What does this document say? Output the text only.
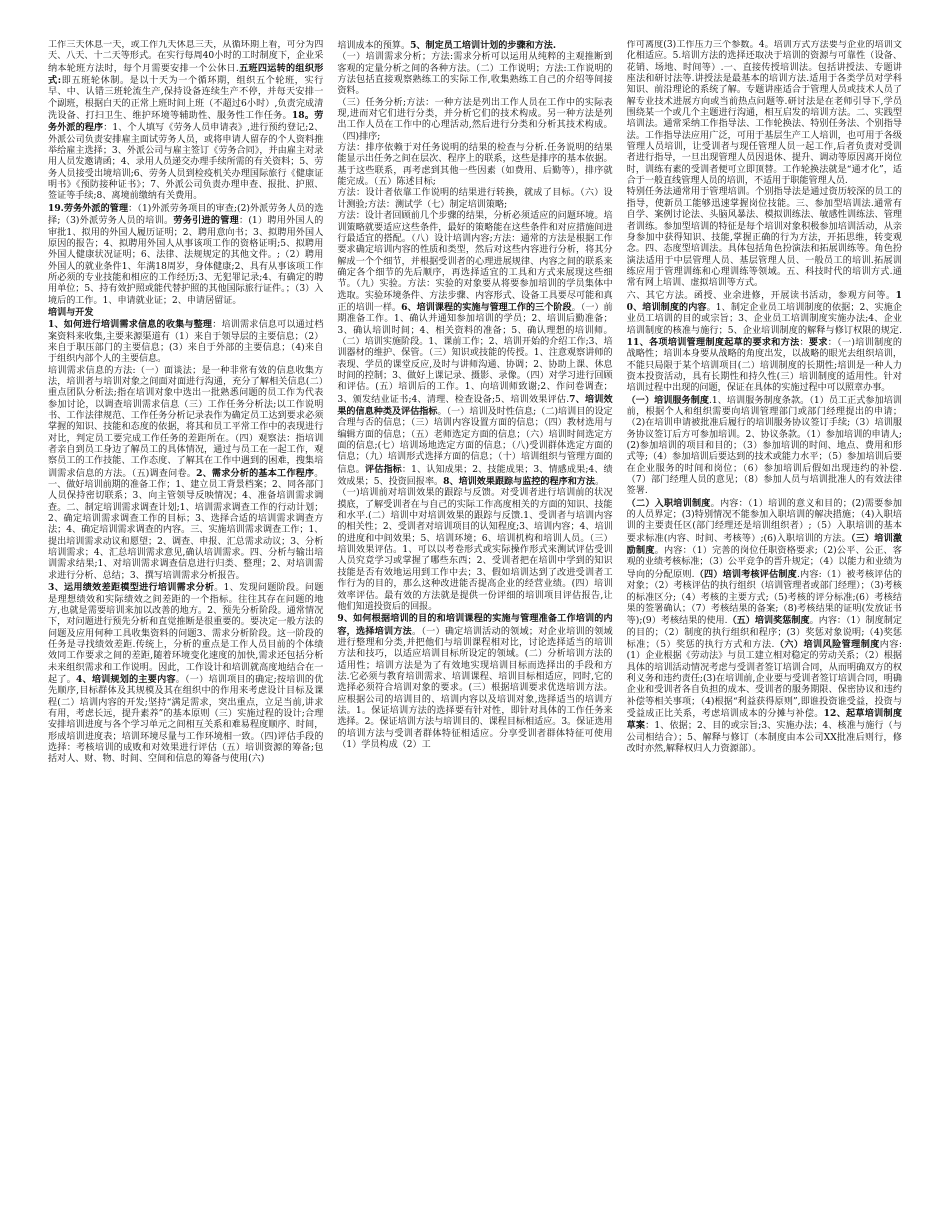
工作三天休息一天，或工作九天休息三天，从循环期上看，可分为四天、八天、十二天等形式。在实行每周40小时的工时制度下，企业采纳本轮班方法时，每个月需要安排一个公休日.五班四运转的组织形式:即五班轮休制。是以十天为一个循环期，组织五个轮班，实行早、中、认错三班轮流生产,保持设备连续生产不停，并每天安排一个副班，根据白天的正常上班时间上班（不超过6小时）,负责完成清洗设备、打扫卫生、维护环境等辅助性、服务性工作任务。18。劳务外派的程序：1、个人填写《劳务人员申请表》,进行预约登记;2、外派公司负责安排雇主面试劳务人员，或将申请人留存的个人资料推举给雇主选择；3、外派公司与雇主签订《劳务合同》，并由雇主对录用人员发邀请函；4、录用人员递交办理手续所需的有关资料；5、劳务人员接受出境培训;6、劳务人员到检疫机关办理国际旅行《健康证明书》《预防接种证书》；7、外派公司负责办理申查、报批、护照、签证等手续;8、离境前缴纳有关费用。

19.劳务外派的管理：（1)外派劳务项目的审查;(2)外派劳务人员的选择;（3)外派劳务人员的培训。劳务引进的管理：(1）聘用外国人的审批1、拟用的外国人履历证明；2、聘用意向书；3、拟聘用外国人原因的报告；4、拟聘用外国人从事该项工作的资格证明;5、拟聘用外国人健康状况证明；6、法律、法规规定的其他文件。;（2）聘用外国人的就业条件1、年满18周岁，身体健康;2、具有从事该项工作所必须的专业技能和相应的工作经历;3、无犯罪记录;4、有确定的聘用单位；5、持有效护照或能代替护照的其他国际旅行证件。；（3）入境后的工作。1、申请就业证；2、申请居留证。

培训与开发

1、如何进行培训需求信息的收集与整理：培训需求信息可以通过档案资料来收集,主要来源渠道有（1）来自于领导层的主要信息；（2）来自于职压部门的主要信息；(3）来自于外部的主要信息；（4)来自于组织内部个人的主要信息。

培训需求信息的方法:（一）面谈法；是一种非常有效的信息收集方法，培训者与培训对象之间面对面进行沟通，充分了解相关信息(二）重点团队分析法;指在培训对象中选出一批熟悉问题的员工作为代表参加讨论，以调查培训需求信息（三）工作任务分析法;以工作说明书、工作法律规范、工作任务分析记录表作为确定员工达到要求必须掌握的知识、技能和态度的依据，将其和员工平常工作中的表现进行对比，判定员工要完成工作任务的差距所在。（四）观察法：指培训者亲自到员工身边了解员工的具体情况，通过与员工在一起工作，观察员工的工作技能、工作态度、了解其在工作中遇到的困难，搜集培训需求信息的方法。（五)调查问卷。2、需求分析的基本工作程序。一、做好培训前期的准备工作；1、建立员工背景档案；2、同各部门人员保持密切联系；3、向主管领导反映情况；4、准备培训需求调查。二、制定培训需求调查计划;1、培训需求调查工作的行动计划；2、确定培训需求调查工作的目标；3、选择合适的培训需求调查方法；4、确定培训需求调查的内容。三、实施培训需求调查工作；1、提出培训需求动议和愿望；2、调查、申报、汇总需求动议；3、分析培训需求；4、汇总培训需求意见,确认培训需求。四、分析与输出培训需求结果;1、对培训需求调查信息进行归类、整理；2、对培训需求进行分析、总结；3、撰写培训需求分析报告。

3、运用绩效差距模型进行培训需求分析。1、发现问题阶段。问题是理想绩效和实际绩效之间差距的一个指标。往往其存在问题的地方,也就是需要培训来加以改善的地方。2、预先分析阶段。通常情况下，对问题进行预先分析和直觉推断是很重要的。要决定一般方法的问题及应用何种工具收集资料的问题3、需求分析阶段。这一阶段的任务是寻找绩效差距.传统上，分析的重点是工作人员目前的个体绩效同工作要求之间的差距,随着环境变化速度的加快,需求还包括分析未来组织需求和工作说明。因此，工作设计和培训就高度地结合在一起了。4、培训规划的主要内容。（一）培训项目的确定;按培训的优先顺序,目标群体及其规模及其在组织中的作用来考虑设计目标及课程(二）培训内容的开发;坚持“满足需求，突出重点，立足当前,讲求有用，考虑长远，提升素养”的基本原则（三）实施过程的设计;合理安排培训进度与各个学习单元之间相互关系和难易程度顺序、时间，形成培训进度表；培训环境尽量与工作环境相一致。（四)评估手段的选择：考核培训的成败和对效果进行评估（五）培训资源的筹备;包括对人、财、物、时间、空间和信息的筹备与使用(六)

培训成本的预算。5、制定员工培训计划的步骤和方法.

（一）培训需求分析；方法:需求分析可以运用从纯粹的主观推断到客观的定量分析之间的各种方法。（二）工作说明；方法:工作说明的方法包括直接观察熟练工的实际工作,收集熟练工自己的介绍等间接资料。

（三）任务分析;方法：一种方法是列出工作人员在工作中的实际表现,进而对它们进行分类，并分析它们的技术构成。另一种方法是列出工作人员在工作中的心理活动,然后进行分类和分析其技术构成。（四)排序;

方法：排序依赖于对任务说明的结果的检查与分析.任务说明的结果能显示出任务之间在层次、程序上的联系，这些是排序的基本依据。基于这些联系，再考虑到其他一些因素（如费用、后勤等），排序就能完成。（五）陈述目标;

方法：设计者依靠工作说明的结果进行转换，就成了目标。（六）设计测验;方法：测试学（七）制定培训策略;

方法：设计者回顾前几个步骤的结果，分析必须适应的问题环境。培训策略就要适应这些条件，最好的策略能在这些条件和对应措施间进行最适宜的搭配。（八）设计培训内容;方法：通常的方法是根据工作要求确定培训内容的性质和类型，然后对这些内容进行分析，将其分解成一个个细节，并根据受训者的心理进展规律、内容之间的联系来确定各个细节的先后顺序，再选择适宜的工具和方式来展现这些细节。（九）实验。方法：实验的对象要从将要参加培训的学员集体中选取。实验环境条件、方法步骤、内容形式、设备工具要尽可能和真正的培训一样。6、培训课程的实施与管理工作的三个阶段。（一）前期准备工作。1、确认并通知参加培训的学员；2、培训后勤准备；3、确认培训时间；4、相关资料的准备；5、确认理想的培训师。（二）培训实施阶段。1、课前工作；2、培训开始的介绍工作;3、培训器材的维护、保管。（三）知识或技能的传授。1、注意观察讲师的表现、学员的课堂反应,及时与讲师沟通、协调；2、协助上课、休息时间的控制；3、做好上课记录、摄影、录像。（四）对学习进行回顾和评估。(五）培训后的工作。1、向培训师致谢;2、作问卷调查；3、颁发结业证书;4、清理、检查设备;5、培训效果评估.7、培训效果的信息种类及评估指标。（一）培训及时性信息;（二)培训目的设定合理与否的信息；（三）培训内容设置方面的信息；（四）教材选用与编辑方面的信息；（五）老师选定方面的信息；（六）培训时间选定方面的信息;(七）培训场地选定方面的信息；（八)受训群体选定方面的信息；（九）培训形式选择方面的信息；（十）培训组织与管理方面的信息。评估指标：1、认知成果；2、技能成果；3、情感成果;4、绩效成果；5、投资回报率。8、培训效果跟踪与监控的程序和方法。

（一)培训前对培训效果的跟踪与反馈。对受训者进行培训前的状况摸底，了解受训者在与自己的实际工作高度相关的方面的知识、技能和水平.(二）培训中对培训效果的跟踪与反馈.1、受训者与培训内容的相关性；2、受训者对培训项目的认知程度;3、培训内容；4、培训的进度和中间效果；5、培训环境；6、培训机构和培训人员。（三）培训效果评估。1、可以以考卷形式或实际操作形式来测试评估受训人员究竟学习或掌握了哪些东西；2、受训者把在培训中学到的知识技能是否有效地运用到工作中去；3、假如培训达到了改进受训者工作行为的目的，那么这种改进能否提高企业的经营业绩。(四）培训效率评估。最有效的方法就是提供一份评细的培训项目评估报告,让他们知道投资后的回报。

9、如何根据培训的目的和培训课程的实施与管理准备工作培训的内容，选择培训方法。（一）确定培训活动的领域；对企业培训的领域进行整理和分类,并把他们与培训课程相对比，讨论选择适当的培训方法和技巧，以适应培训目标所设定的领域。(二）分析培训方法的适用性；培训方法是为了有效地实现培训目标而选择出的手段和方法.它必须与教育培训需求、培训课程、培训目标相适应，同时,它的选择必须符合培训对象的要求。(三）根据培训要求优选培训方法。应根据公司的培训目的、培训内容以及培训对象,选择适当的培训方法。1。保证培训方法的选择要有针对性，即针对具体的工作任务来选择。2。保证培训方法与培训目的、课程目标相适应。3。保证选用的培训方法与受训者群体特征相适应。分享受训者群体特征可使用（1）学员构成（2）工

作可离度(3)工作压力三个参数。4。培训方式方法要与企业的培训文化相适应。5.培训方法的选择还取决于培训的资源与可靠性（设备、花销、场地、时间等）.一、直接传授培训法。包括讲授法、专题讲座法和研讨法等.讲授法是最基本的培训方法.适用于各类学员对学科知识、前沿理论的系统了解。专题讲座适合于管理人员或技术人员了解专业技术进展方向或当前热点问题等.研讨法是在老师引导下,学员围绕某一个或几个主题进行沟通，相互启发的培训方法。二、实践型培训法。通常采纳工作指导法、工作轮换法、特别任务法、个别指导法。工作指导法应用广泛，可用于基层生产工人培训，也可用于各级管理人员培训，让受训者与现任管理人员一起工作,后者负责对受训者进行指导，一旦出现管理人员因退休、提升、调动等原因离开岗位时，训练有素的受训者便可立即顶替。工作轮换法就是“通才化”，适合于一般直线管理人员的培训，不适用于职能管理人员.

特别任务法通常用于管理培训。个别指导法是通过资历较深的员工的指导，使新员工能够迅速掌握岗位技能。三、参加型培训法.通常有自学、案例讨论法、头脑风暴法、模拟训练法、敏感性训练法、管理者训练。参加型培训的特征是每个培训对象积极参加培训活动，从亲身参加中获得知识、技能,掌握正确的行为方法，开拓思维，转变观念。四、态度型培训法。具体包括角色扮演法和拓展训练等。角色扮演法适用于中层管理人员、基层管理人员、一般员工的培训.拓展训练应用于管理训练和心理训练等领域。五、科技时代的培训方式.通常有网上培训、虚拟培训等方式。

六、其它方法。函授、业余进修，开展读书活动，参观方问等。10、培训制度的内容。1、制定企业员工培训制度的依据；2、实施企业员工培训的目的或宗旨；3、企业员工培训制度实施办法;4、企业培训制度的核准与施行；5、企业培训制度的解释与修订权限的规定.11、各项培训管理制度起草的要求和方法：要求：（一)培训制度的战略性；培训本身要从战略的角度出发，以战略的眼光去组织培训，不能只局限于某个培训项目(二）培训制度的长期性;培训是一种人力资本投资活动，具有长期性和持久性(三）培训制度的适用性。针对培训过程中出现的问题，保证在具体的实施过程中可以照章办事。

（一）培训服务制度.1、培训服务制度条款。（1）员工正式参加培训前，根据个人和组织需要向培训管理部门或部门经理提出的申请；（2)在培训申请被批准后履行的培训服务协议签订手续;（3）培训服务协议签订后方可参加培训。2、协议条款。（1）参加培训的申请人;(2)参加培训的项目和目的；（3）参加培训的时间、地点、费用和形式等;（4）参加培训后要达到的技术或能力水平；（5）参加培训后要在企业服务的时间和岗位；（6）参加培训后假如出现违约的补偿.（7）部门经理人员的意见；（8）参加人员与培训批准人的有效法律签署.

（二）入职培训制度。内容：（1）培训的意义和目的；(2)需要参加的人员界定；(3)特别情况不能参加入职培训的解决措施；（4)入职培训的主要责任区(部门经理还是培训组织者）;（5）入职培训的基本要求标准(内容、时间、考核等）;(6)入职培训的方法。（三）培训激励制度。内容：（1）完善的岗位任职资格要求;（2)公平、公正、客观的业绩考核标准；（3）公平竞争的晋升规定；（4）以能力和业绩为导向的分配原则.（四）培训考核评估制度.内容:（1）被考核评估的对象；（2）考核评估的执行组织（培训管理者或部门经理）；（3)考核的标准区分;（4）考核的主要方式;（5)考核的评分标准;(6）考核结果的签署确认；（7）考核结果的备案;（8)考核结果的证明(发放证书等);(9）考核结果的使用.（五）培训奖惩制度。内容：（1）制度制定的目的；（2）制度的执行组织和程序；(3）奖惩对象说明;（4)奖惩标准；（5）奖惩的执行方式和方法.（六）培训风险管理制度内容:(1）企业根据《劳动法》与员工建立相对稳定的劳动关系；（2）根据具体的培训活动情况考虑与受训者签订培训合同，从而明确双方的权利义务和违约责任;(3)在培训前,企业要与受训者签订培训合同，明确企业和受训者各自负担的成本、受训者的服务期限、保密协议和违约补偿等相关事项；（4)根据“利益获得原则”,即谁投资谁受益，投资与受益成正比关系，考虑培训成本的分摊与补偿。12、起草培训制度草案：1、依据；2、目的或宗旨;3、实施办法；4、核准与施行（与公司相结合）；5、解释与修订（本制度由本公司XX批准后则行，修改时亦然,解释权归人力资源部）。
